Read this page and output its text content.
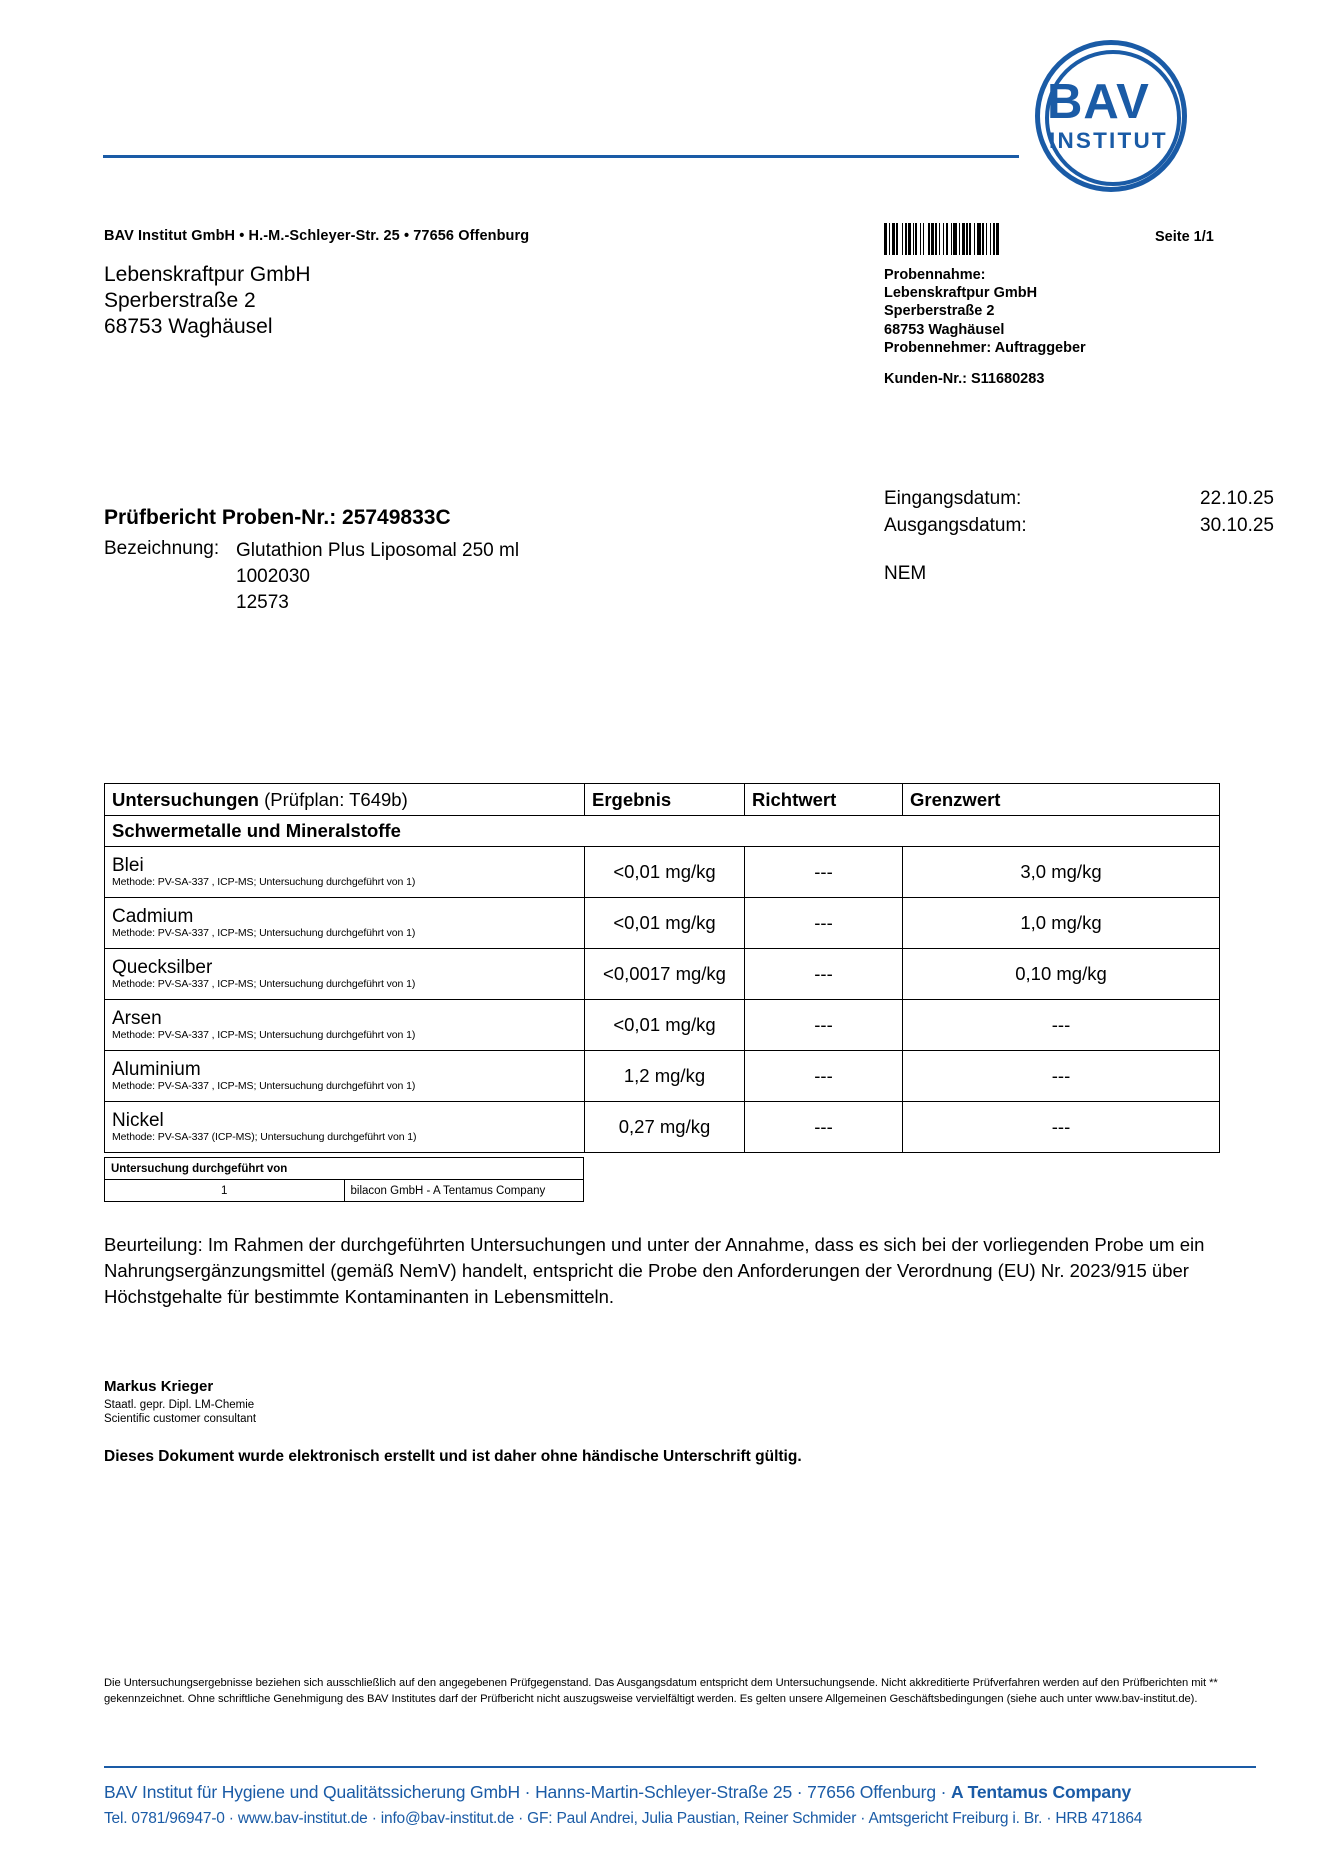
BAV
INSTITUT
BAV Institut GmbH • H.-M.-Schleyer-Str. 25 • 77656 Offenburg
Lebenskraftpur GmbH
Sperberstraße 2
68753 Waghäusel
Seite 1/1
Probennahme:
Lebenskraftpur GmbH
Sperberstraße 2
68753 Waghäusel
Probennehmer: Auftraggeber
Kunden-Nr.: S11680283
Prüfbericht Proben-Nr.: 25749833C
Bezeichnung: Glutathion Plus Liposomal 250 ml
1002030
12573
Eingangsdatum:	22.10.25
Ausgangsdatum:	30.10.25
NEM
Untersuchungen (Prüfplan: T649b)	Ergebnis	Richtwert	Grenzwert
Schwermetalle und Mineralstoffe			

Blei
Methode: PV-SA-337 , ICP-MS; Untersuchung durchgeführt von 1)	<0,01 mg/kg	---	3,0 mg/kg

Cadmium
Methode: PV-SA-337 , ICP-MS; Untersuchung durchgeführt von 1)	<0,01 mg/kg	---	1,0 mg/kg

Quecksilber
Methode: PV-SA-337 , ICP-MS; Untersuchung durchgeführt von 1)	<0,0017 mg/kg	---	0,10 mg/kg

Arsen
Methode: PV-SA-337 , ICP-MS; Untersuchung durchgeführt von 1)	<0,01 mg/kg	---	---

Aluminium
Methode: PV-SA-337 , ICP-MS; Untersuchung durchgeführt von 1)	1,2 mg/kg	---	---

Nickel
Methode: PV-SA-337 (ICP-MS); Untersuchung durchgeführt von 1)	0,27 mg/kg	---	---
Untersuchung durchgeführt von
1	bilacon GmbH - A Tentamus Company
Beurteilung: Im Rahmen der durchgeführten Untersuchungen und unter der Annahme, dass es sich bei der vorliegenden Probe um ein Nahrungsergänzungsmittel (gemäß NemV) handelt, entspricht die Probe den Anforderungen der Verordnung (EU) Nr. 2023/915 über Höchstgehalte für bestimmte Kontaminanten in Lebensmitteln.
Markus Krieger
Staatl. gepr. Dipl. LM-Chemie
Scientific customer consultant
Dieses Dokument wurde elektronisch erstellt und ist daher ohne händische Unterschrift gültig.
Die Untersuchungsergebnisse beziehen sich ausschließlich auf den angegebenen Prüfgegenstand. Das Ausgangsdatum entspricht dem Untersuchungsende. Nicht akkreditierte Prüfverfahren werden auf den Prüfberichten mit ** gekennzeichnet. Ohne schriftliche Genehmigung des BAV Institutes darf der Prüfbericht nicht auszugsweise vervielfältigt werden. Es gelten unsere Allgemeinen Geschäftsbedingungen (siehe auch unter www.bav-institut.de).
BAV Institut für Hygiene und Qualitätssicherung GmbH · Hanns-Martin-Schleyer-Straße 25 · 77656 Offenburg · A Tentamus Company
Tel. 0781/96947-0 · www.bav-institut.de · info@bav-institut.de · GF: Paul Andrei, Julia Paustian, Reiner Schmider · Amtsgericht Freiburg i. Br. · HRB 471864
